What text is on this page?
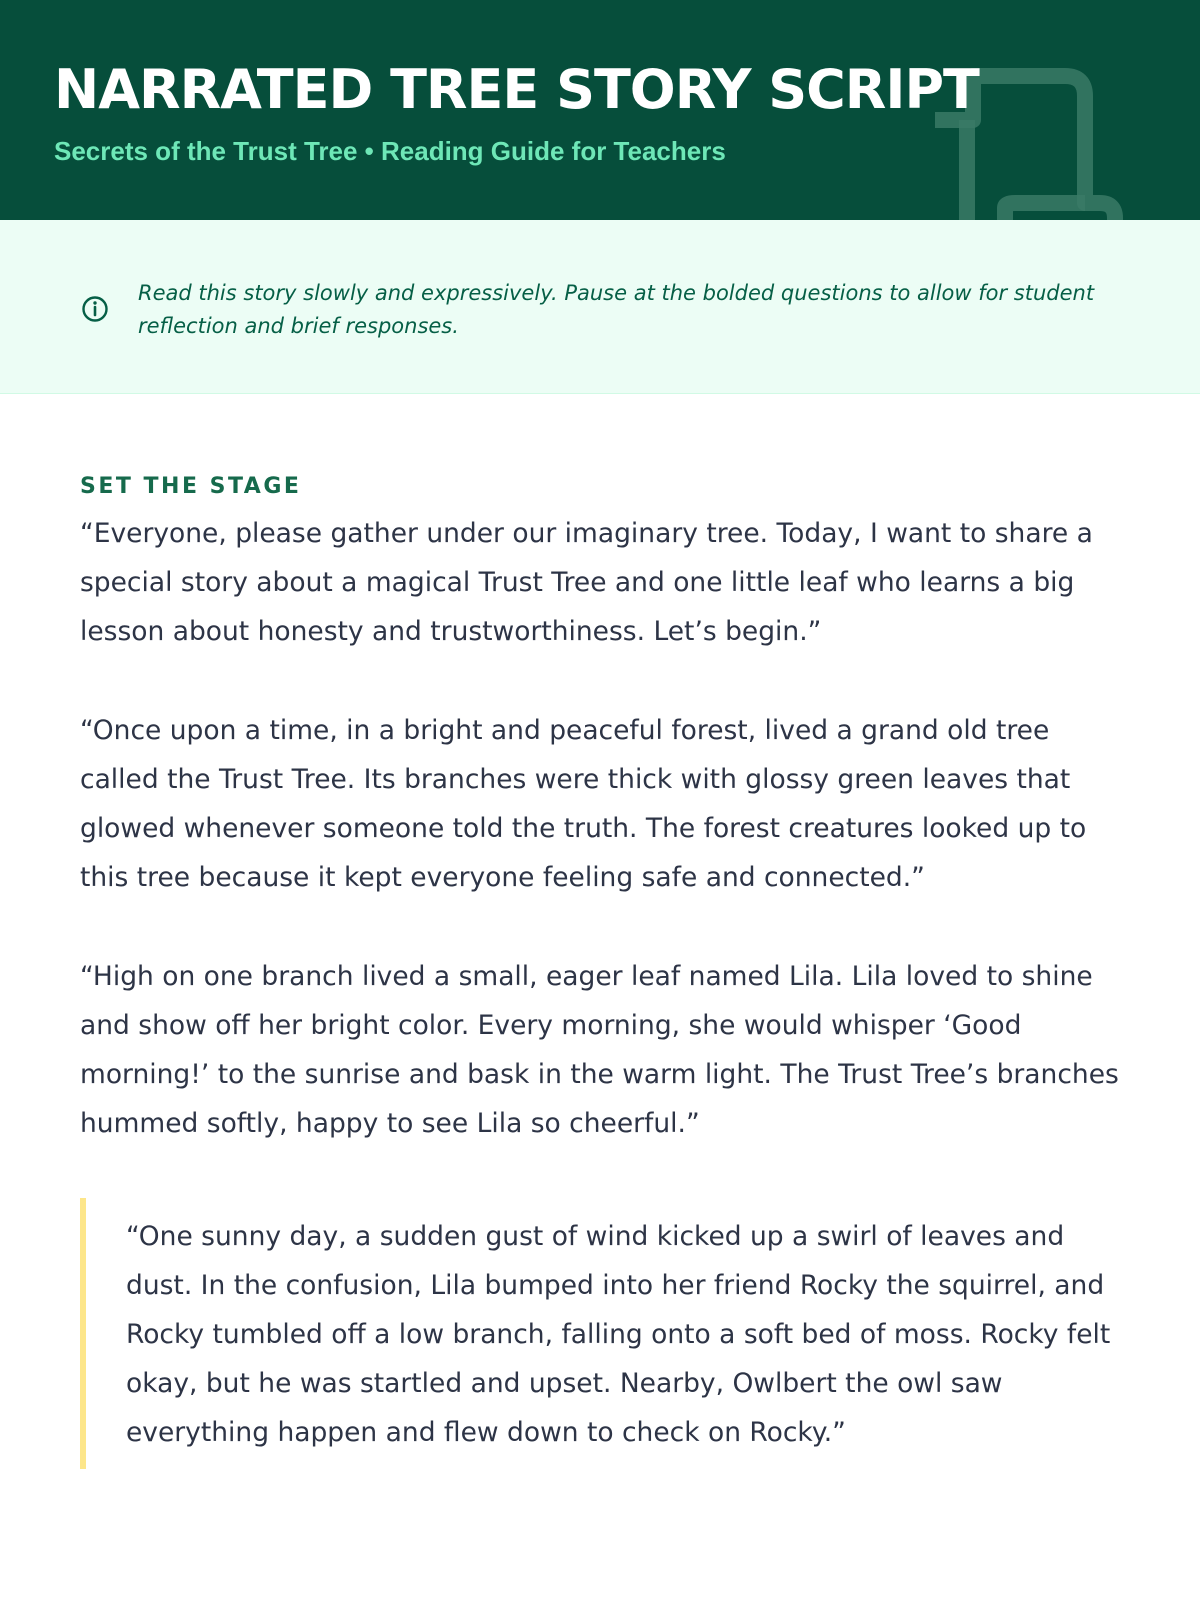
NARRATED TREE STORY SCRIPT
Secrets of the Trust Tree • Reading Guide for Teachers

Read this story slowly and expressively. Pause at the bolded questions to allow for student reflection and brief responses.

SET THE STAGE

“Everyone, please gather under our imaginary tree. Today, I want to share a special story about a magical Trust Tree and one little leaf who learns a big lesson about honesty and trustworthiness. Let’s begin.”

“Once upon a time, in a bright and peaceful forest, lived a grand old tree called the Trust Tree. Its branches were thick with glossy green leaves that glowed whenever someone told the truth. The forest creatures looked up to this tree because it kept everyone feeling safe and connected.”

“High on one branch lived a small, eager leaf named Lila. Lila loved to shine and show off her bright color. Every morning, she would whisper ‘Good morning!’ to the sunrise and bask in the warm light. The Trust Tree’s branches hummed softly, happy to see Lila so cheerful.”

“One sunny day, a sudden gust of wind kicked up a swirl of leaves and dust. In the confusion, Lila bumped into her friend Rocky the squirrel, and Rocky tumbled off a low branch, falling onto a soft bed of moss. Rocky felt okay, but he was startled and upset. Nearby, Owlbert the owl saw everything happen and flew down to check on Rocky.”
